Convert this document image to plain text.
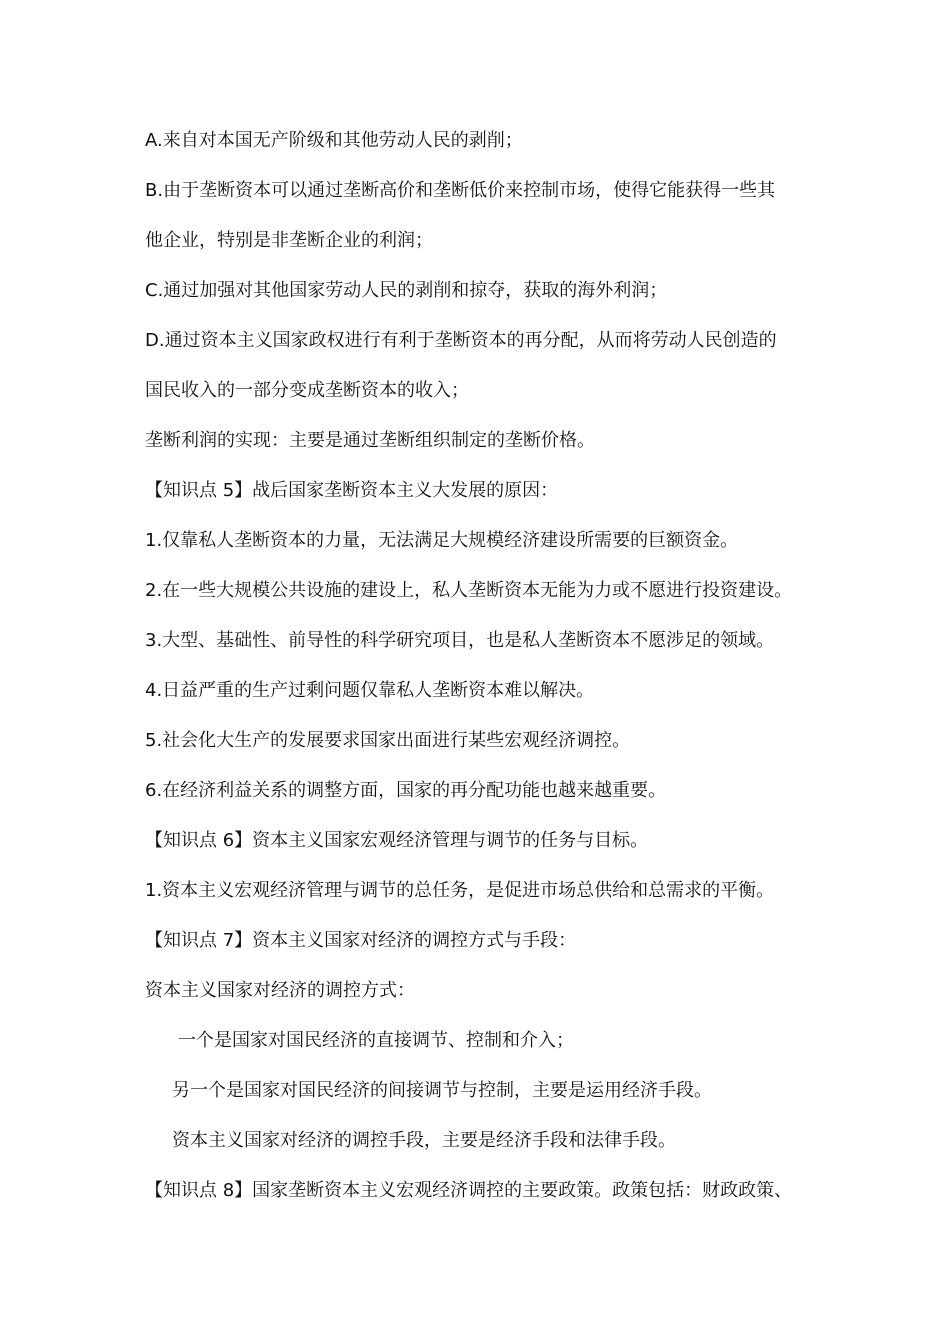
A.来自对本国无产阶级和其他劳动人民的剥削；
B.由于垄断资本可以通过垄断高价和垄断低价来控制市场，使得它能获得一些其
他企业，特别是非垄断企业的利润；
C.通过加强对其他国家劳动人民的剥削和掠夺，获取的海外利润；
D.通过资本主义国家政权进行有利于垄断资本的再分配，从而将劳动人民创造的
国民收入的一部分变成垄断资本的收入；
垄断利润的实现：主要是通过垄断组织制定的垄断价格。
【知识点 5】战后国家垄断资本主义大发展的原因：
1.仅靠私人垄断资本的力量，无法满足大规模经济建设所需要的巨额资金。
2.在一些大规模公共设施的建设上，私人垄断资本无能为力或不愿进行投资建设。
3.大型、基础性、前导性的科学研究项目，也是私人垄断资本不愿涉足的领域。
4.日益严重的生产过剩问题仅靠私人垄断资本难以解决。
5.社会化大生产的发展要求国家出面进行某些宏观经济调控。
6.在经济利益关系的调整方面，国家的再分配功能也越来越重要。
【知识点 6】资本主义国家宏观经济管理与调节的任务与目标。
1.资本主义宏观经济管理与调节的总任务，是促进市场总供给和总需求的平衡。
【知识点 7】资本主义国家对经济的调控方式与手段：
资本主义国家对经济的调控方式：
一个是国家对国民经济的直接调节、控制和介入；
另一个是国家对国民经济的间接调节与控制，主要是运用经济手段。
资本主义国家对经济的调控手段，主要是经济手段和法律手段。
【知识点 8】国家垄断资本主义宏观经济调控的主要政策。政策包括：财政政策、
